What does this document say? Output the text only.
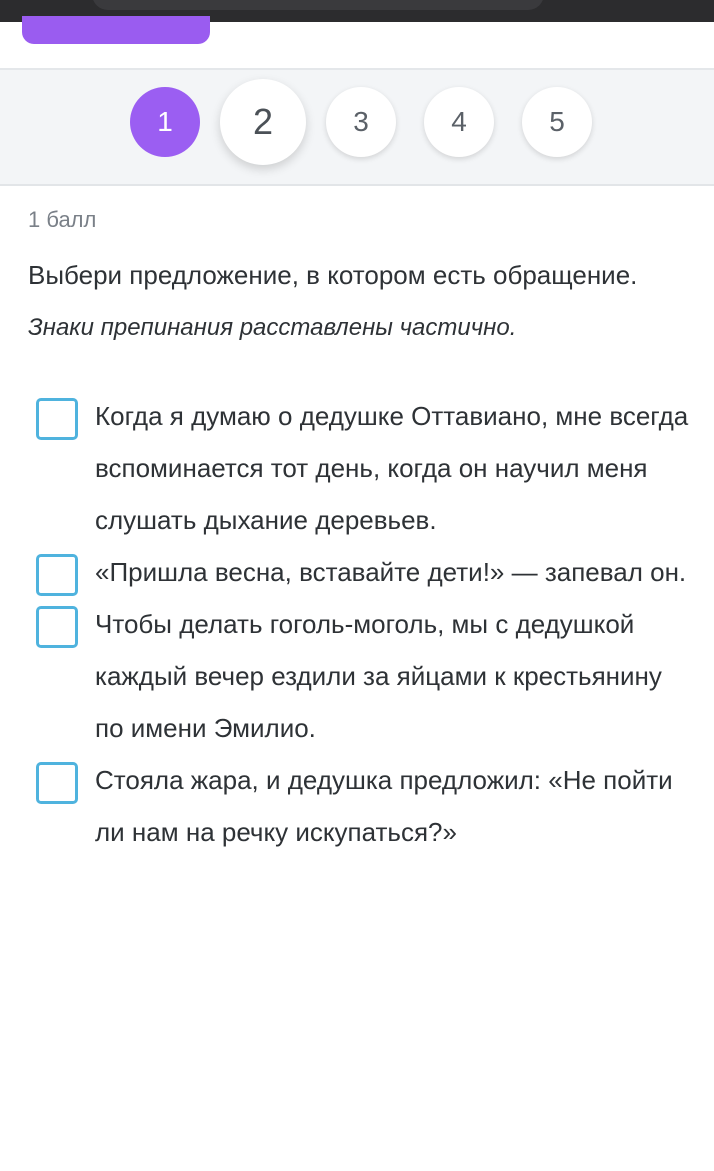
1	2	3	4	5
1 балл
Выбери предложение, в котором есть обращение.
Знаки препинания расставлены частично.
Когда я думаю о дедушке Оттавиано, мне всегда вспоминается тот день, когда он научил меня слушать дыхание деревьев.
«Пришла весна, вставайте дети!» — запевал он.
Чтобы делать гоголь-моголь, мы с дедушкой каждый вечер ездили за яйцами к крестьянину по имени Эмилио.
Стояла жара, и дедушка предложил: «Не пойти ли нам на речку искупаться?»
